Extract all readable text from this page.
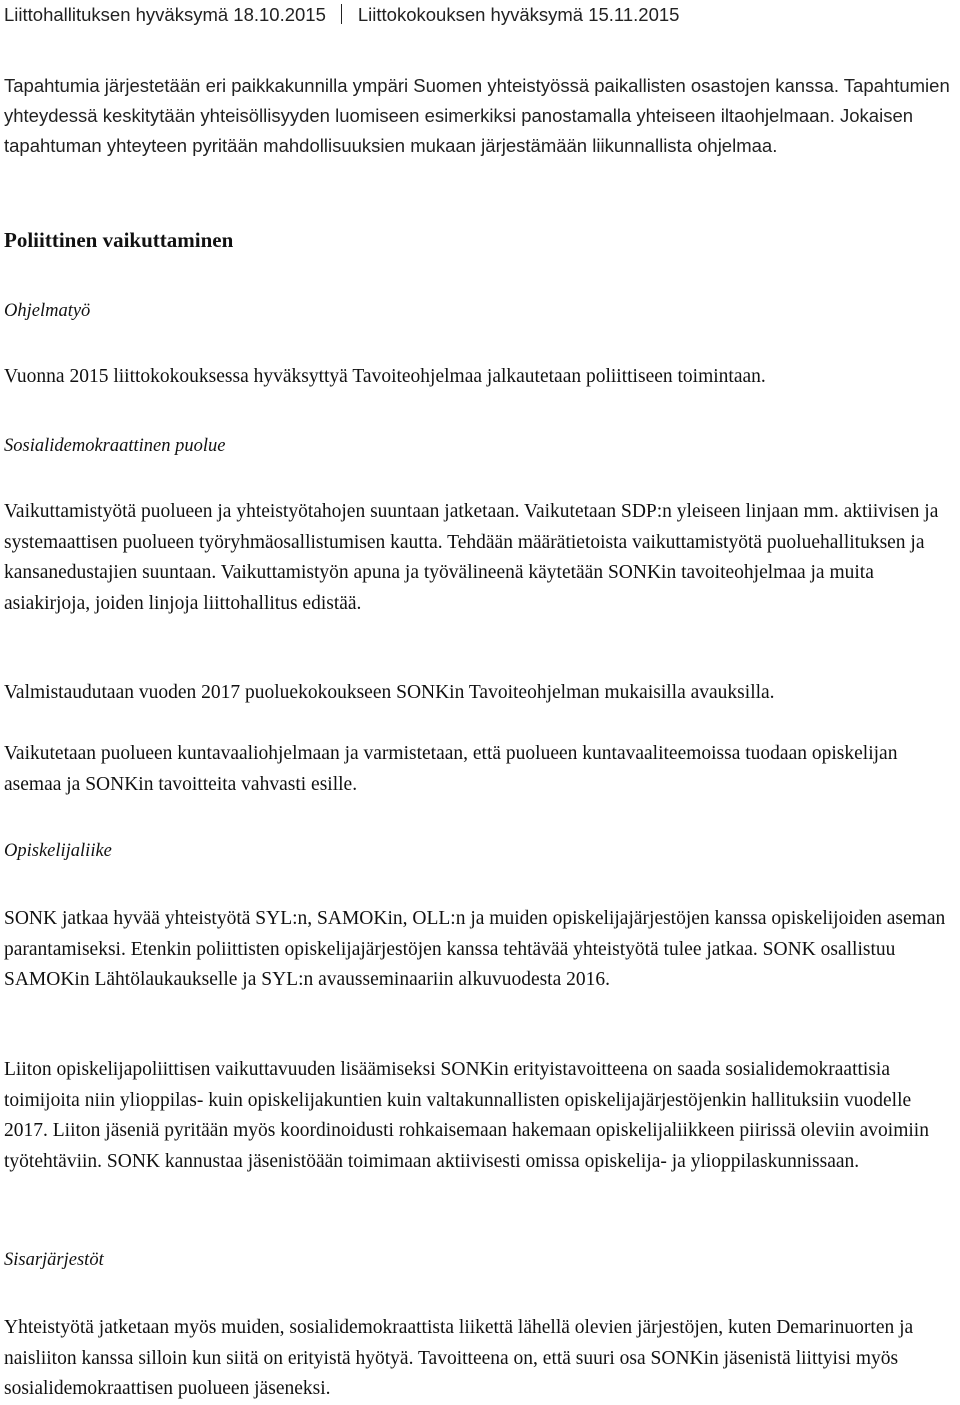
Liittohallituksen hyväksymä 18.10.2015 Liittokokouksen hyväksymä 15.11.2015

Tapahtumia järjestetään eri paikkakunnilla ympäri Suomen yhteistyössä paikallisten osastojen kanssa. Tapahtumien yhteydessä keskitytään yhteisöllisyyden luomiseen esimerkiksi panostamalla yhteiseen iltaohjelmaan. Jokaisen tapahtuman yhteyteen pyritään mahdollisuuksien mukaan järjestämään liikunnallista ohjelmaa.

Poliittinen vaikuttaminen
Ohjelmatyö

Vuonna 2015 liittokokouksessa hyväksyttyä Tavoiteohjelmaa jalkautetaan poliittiseen toimintaan.

Sosialidemokraattinen puolue

Vaikuttamistyötä puolueen ja yhteistyötahojen suuntaan jatketaan. Vaikutetaan SDP:n yleiseen linjaan mm. aktiivisen ja systemaattisen puolueen työryhmäosallistumisen kautta. Tehdään määrätietoista vaikuttamistyötä puoluehallituksen ja kansanedustajien suuntaan. Vaikuttamistyön apuna ja työvälineenä käytetään SONKin tavoiteohjelmaa ja muita asiakirjoja, joiden linjoja liittohallitus edistää.

Valmistaudutaan vuoden 2017 puoluekokoukseen SONKin Tavoiteohjelman mukaisilla avauksilla.

Vaikutetaan puolueen kuntavaaliohjelmaan ja varmistetaan, että puolueen kuntavaaliteemoissa tuodaan opiskelijan asemaa ja SONKin tavoitteita vahvasti esille.

Opiskelijaliike

SONK jatkaa hyvää yhteistyötä SYL:n, SAMOKin, OLL:n ja muiden opiskelijajärjestöjen kanssa opiskelijoiden aseman parantamiseksi. Etenkin poliittisten opiskelijajärjestöjen kanssa tehtävää yhteistyötä tulee jatkaa. SONK osallistuu SAMOKin Lähtölaukaukselle ja SYL:n avausseminaariin alkuvuodesta 2016.

Liiton opiskelijapoliittisen vaikuttavuuden lisäämiseksi SONKin erityistavoitteena on saada sosialidemokraattisia toimijoita niin ylioppilas- kuin opiskelijakuntien kuin valtakunnallisten opiskelijajärjestöjenkin hallituksiin vuodelle 2017. Liiton jäseniä pyritään myös koordinoidusti rohkaisemaan hakemaan opiskelijaliikkeen piirissä oleviin avoimiin työtehtäviin. SONK kannustaa jäsenistöään toimimaan aktiivisesti omissa opiskelija- ja ylioppilaskunnissaan.

Sisarjärjestöt

Yhteistyötä jatketaan myös muiden, sosialidemokraattista liikettä lähellä olevien järjestöjen, kuten Demarinuorten ja naisliiton kanssa silloin kun siitä on erityistä hyötyä. Tavoitteena on, että suuri osa SONKin jäsenistä liittyisi myös sosialidemokraattisen puolueen jäseneksi.
